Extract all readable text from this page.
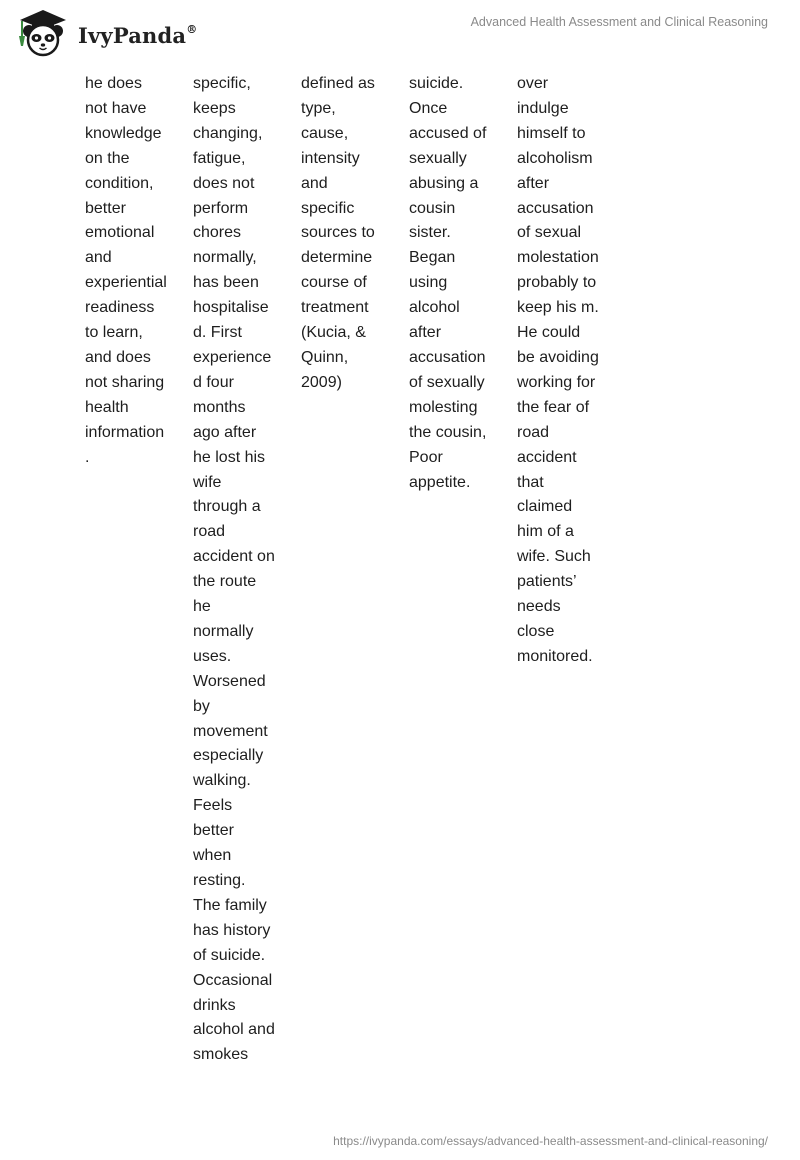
IvyPanda®	Advanced Health Assessment and Clinical Reasoning
he does
not have
knowledge
on the
condition,
better
emotional
and
experiential
readiness
to learn,
and does
not sharing
health
information
.
specific,
keeps
changing,
fatigue,
does not
perform
chores
normally,
has been
hospitalise
d. First
experience
d four
months
ago after
he lost his
wife
through a
road
accident on
the route
he
normally
uses.
Worsened
by
movement
especially
walking.
Feels
better
when
resting.
The family
has history
of suicide.
Occasional
drinks
alcohol and
smokes
defined as
type,
cause,
intensity
and
specific
sources to
determine
course of
treatment
(Kucia, &
Quinn,
2009)
suicide.
Once
accused of
sexually
abusing a
cousin
sister.
Began
using
alcohol
after
accusation
of sexually
molesting
the cousin,
Poor
appetite.
over
indulge
himself to
alcoholism
after
accusation
of sexual
molestation
probably to
keep his m.
He could
be avoiding
working for
the fear of
road
accident
that
claimed
him of a
wife. Such
patients’
needs
close
monitored.
https://ivypanda.com/essays/advanced-health-assessment-and-clinical-reasoning/
